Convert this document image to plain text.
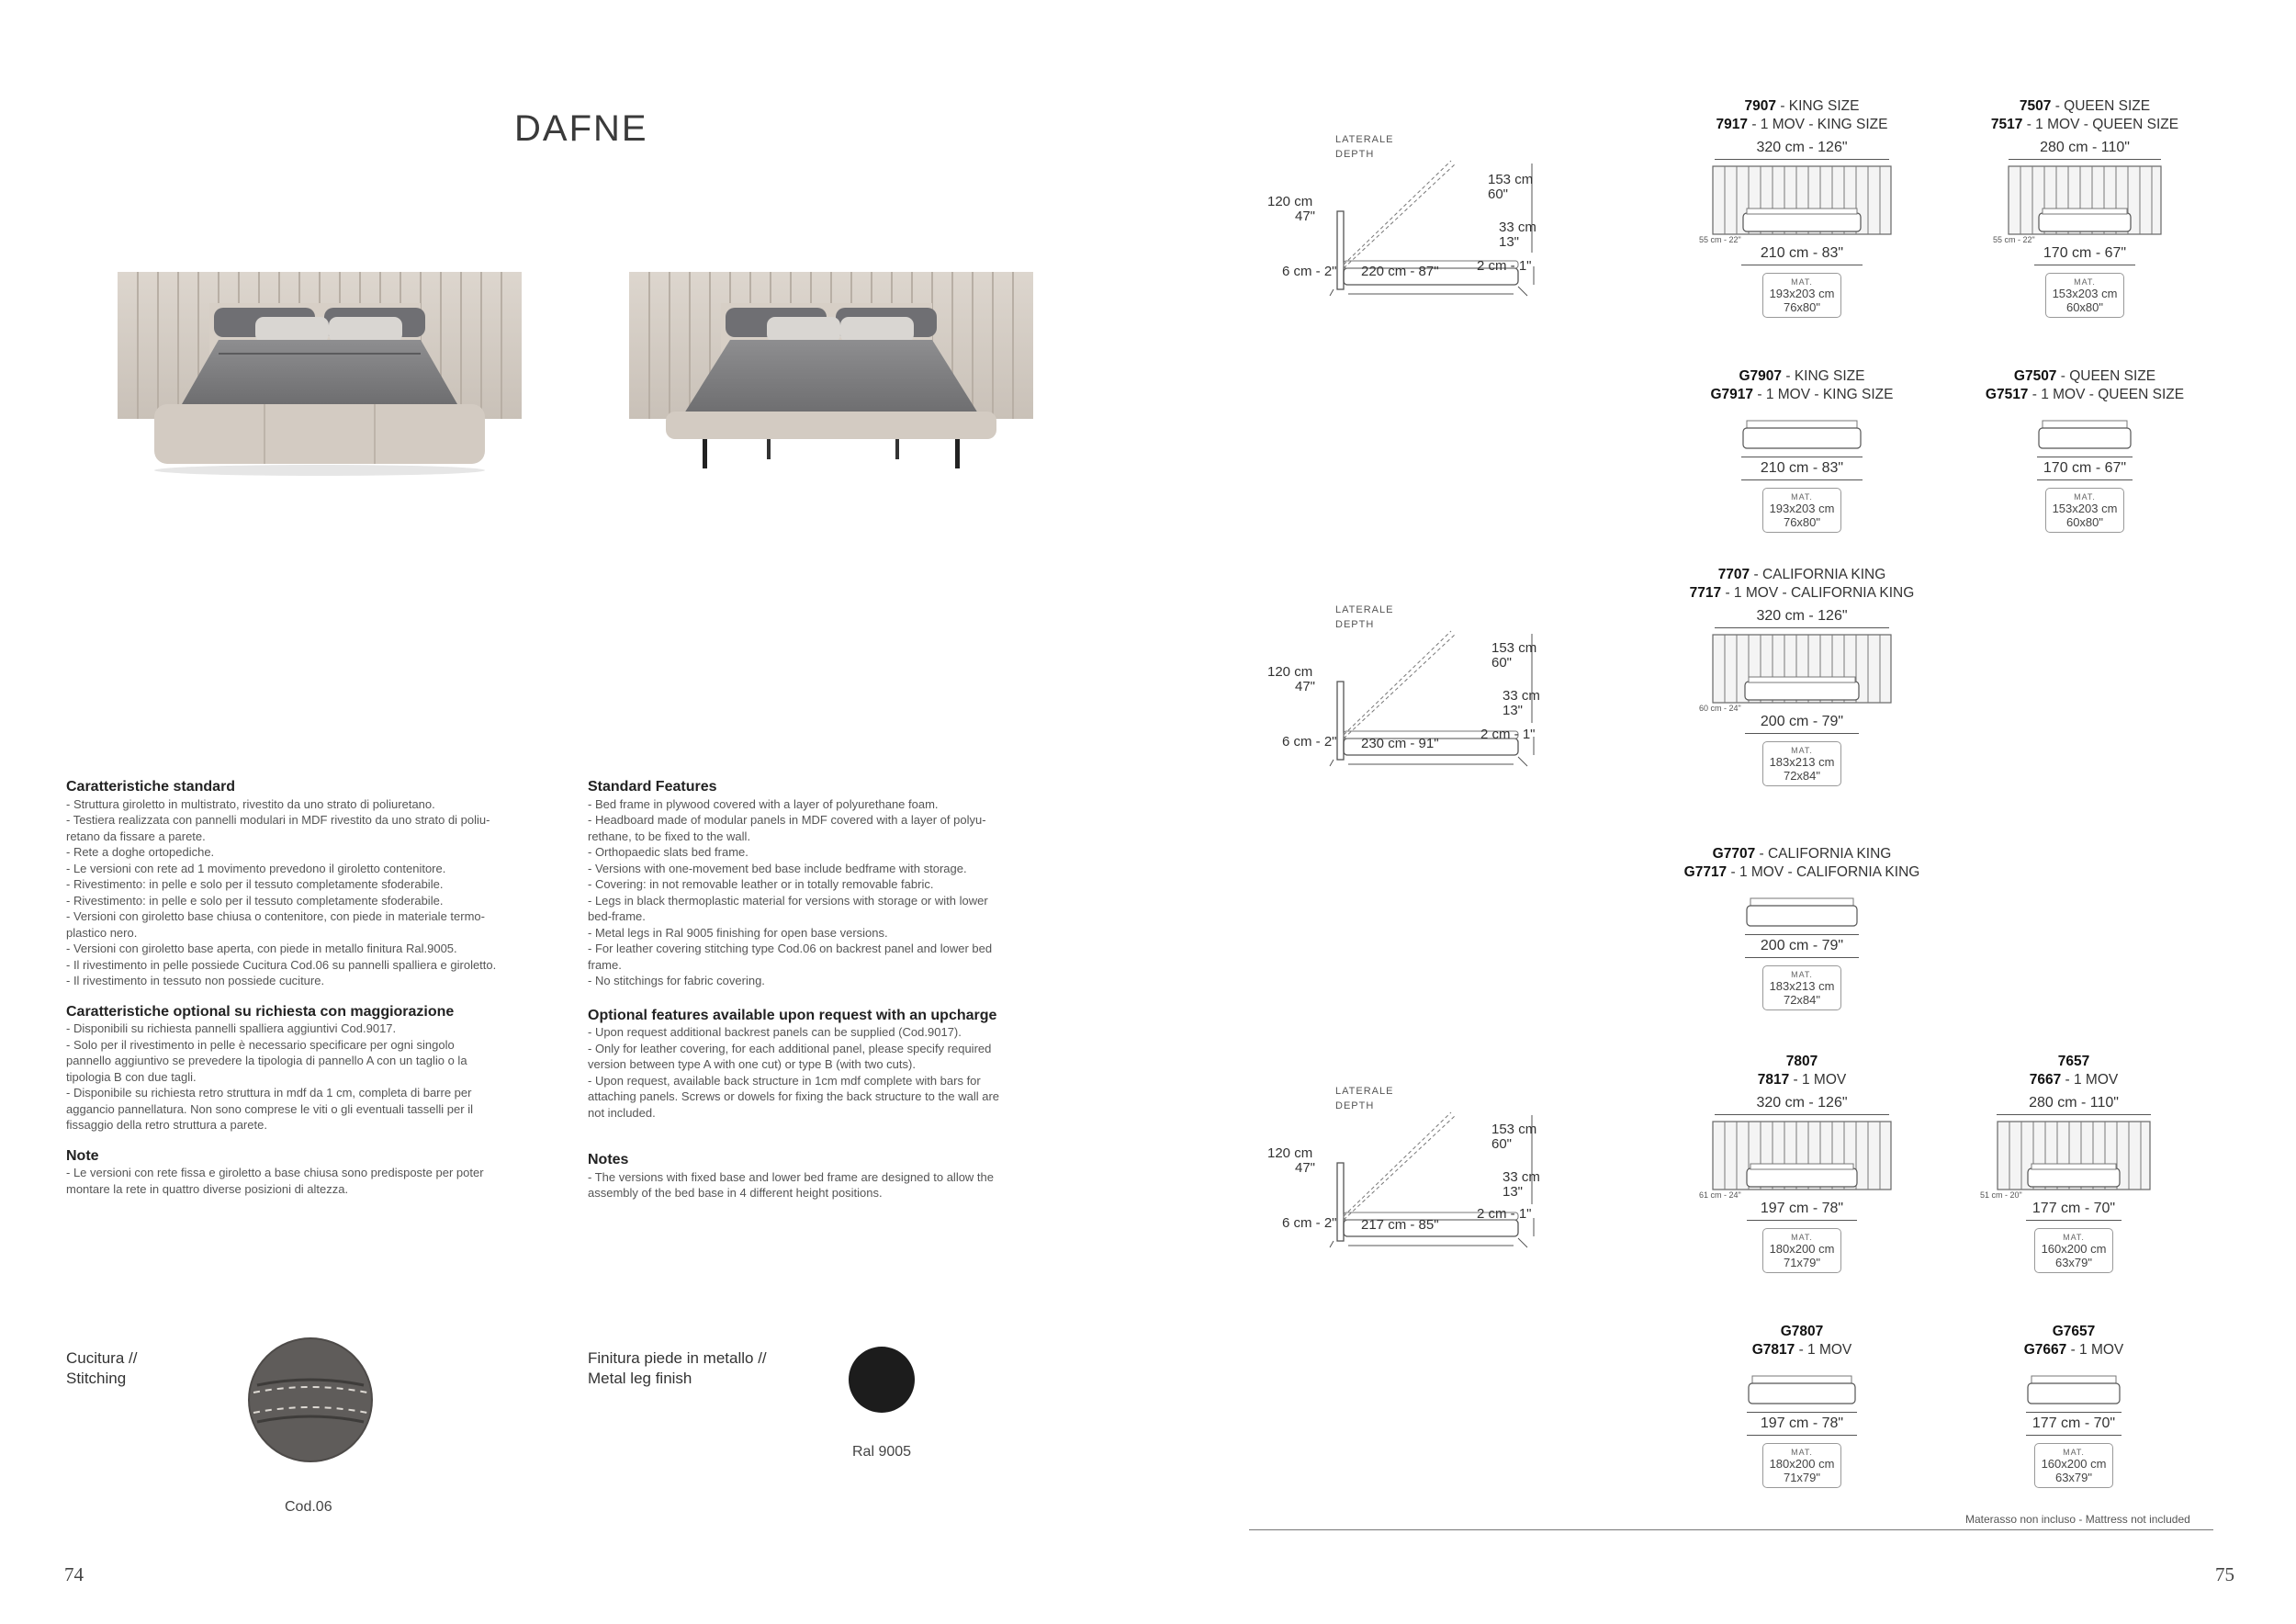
DAFNE
74	75
Caratteristiche standard
- Struttura giroletto in multistrato, rivestito da uno strato di poliuretano.
- Testiera realizzata con pannelli modulari in MDF rivestito da uno strato di poliu-
retano da fissare a parete.
- Rete a doghe ortopediche.
- Le versioni con rete ad 1 movimento prevedono il giroletto contenitore.
- Rivestimento: in pelle e solo per il tessuto completamente sfoderabile.
- Rivestimento: in pelle e solo per il tessuto completamente sfoderabile.
- Versioni con giroletto base chiusa o contenitore, con piede in materiale termo-
plastico nero.
- Versioni con giroletto base aperta, con piede in metallo finitura Ral.9005.
- Il rivestimento in pelle possiede Cucitura Cod.06 su pannelli spalliera e giroletto.
- Il rivestimento in tessuto non possiede cuciture.
Caratteristiche optional su richiesta con maggiorazione
- Disponibili su richiesta pannelli spalliera aggiuntivi Cod.9017.
- Solo per il rivestimento in pelle è necessario specificare per ogni singolo
pannello aggiuntivo se prevedere la tipologia di pannello A con un taglio o la
tipologia B con due tagli.
- Disponibile su richiesta retro struttura in mdf da 1 cm, completa di barre per
aggancio pannellatura. Non sono comprese le viti o gli eventuali tasselli per il
fissaggio della retro struttura a parete.
Note
- Le versioni con rete fissa e giroletto a base chiusa sono predisposte per poter
montare la rete in quattro diverse posizioni di altezza.
Standard Features
- Bed frame in plywood covered with a layer of polyurethane foam.
- Headboard made of modular panels in MDF covered with a layer of polyu-
rethane, to be fixed to the wall.
- Orthopaedic slats bed frame.
- Versions with one-movement bed base include bedframe with storage.
- Covering: in not removable leather or in totally removable fabric.
- Legs in black thermoplastic material for versions with storage or with lower
bed-frame.
- Metal legs in Ral 9005 finishing for open base versions.
- For leather covering stitching type Cod.06 on backrest panel and lower bed
frame.
- No stitchings for fabric covering.
Optional features available upon request with an upcharge
- Upon request additional backrest panels can be supplied (Cod.9017).
- Only for leather covering, for each additional panel, please specify required
version between type A with one cut) or type B (with two cuts).
- Upon request, available back structure in 1cm mdf complete with bars for
attaching panels. Screws or dowels for fixing the back structure to the wall are
not included.
Notes
- The versions with fixed base and lower bed frame are designed to allow the
assembly of the bed base in 4 different height positions.
Cucitura //
Stitching
Cod.06
Finitura piede in metallo //
Metal leg finish
Ral 9005
LATERALE
DEPTH
120 cm
47"
153 cm
60"
33 cm
13"
6 cm - 2" 220 cm - 87"	2 cm - 1"
LATERALE
DEPTH
120 cm
47"
153 cm
60"
33 cm
13"
6 cm - 2" 230 cm - 91"
2 cm - 1"
LATERALE
DEPTH
120 cm
47"
153 cm
60"
33 cm
13"
6 cm - 2" 217 cm - 85"
2 cm - 1"
7907 - KING SIZE
7917 - 1 MOV - KING SIZE
320 cm - 126"
55 cm - 22"
210 cm - 83"
MAT.
193x203 cm
76x80"
7507 - QUEEN SIZE
7517 - 1 MOV - QUEEN SIZE
280 cm - 110"
55 cm - 22"
170 cm - 67"
MAT.
153x203 cm
60x80"
G7907 - KING SIZE
G7917 - 1 MOV - KING SIZE
210 cm - 83"
MAT.
193x203 cm
76x80"
G7507 - QUEEN SIZE
G7517 - 1 MOV - QUEEN SIZE
170 cm - 67"
MAT.
153x203 cm
60x80"
7707 - CALIFORNIA KING
7717 - 1 MOV - CALIFORNIA KING
320 cm - 126"
60 cm - 24"
200 cm - 79"
MAT.
183x213 cm
72x84"
G7707 - CALIFORNIA KING
G7717 - 1 MOV - CALIFORNIA KING
200 cm - 79"
MAT.
183x213 cm
72x84"
7807
7817 - 1 MOV
320 cm - 126"
61 cm - 24"
197 cm - 78"
MAT.
180x200 cm
71x79"
7657
7667 - 1 MOV
280 cm - 110"
51 cm - 20"
177 cm - 70"
MAT.
160x200 cm
63x79"
G7807
G7817 - 1 MOV
197 cm - 78"
MAT.
180x200 cm
71x79"
G7657
G7667 - 1 MOV
177 cm - 70"
MAT.
160x200 cm
63x79"
Materasso non incluso - Mattress not included
